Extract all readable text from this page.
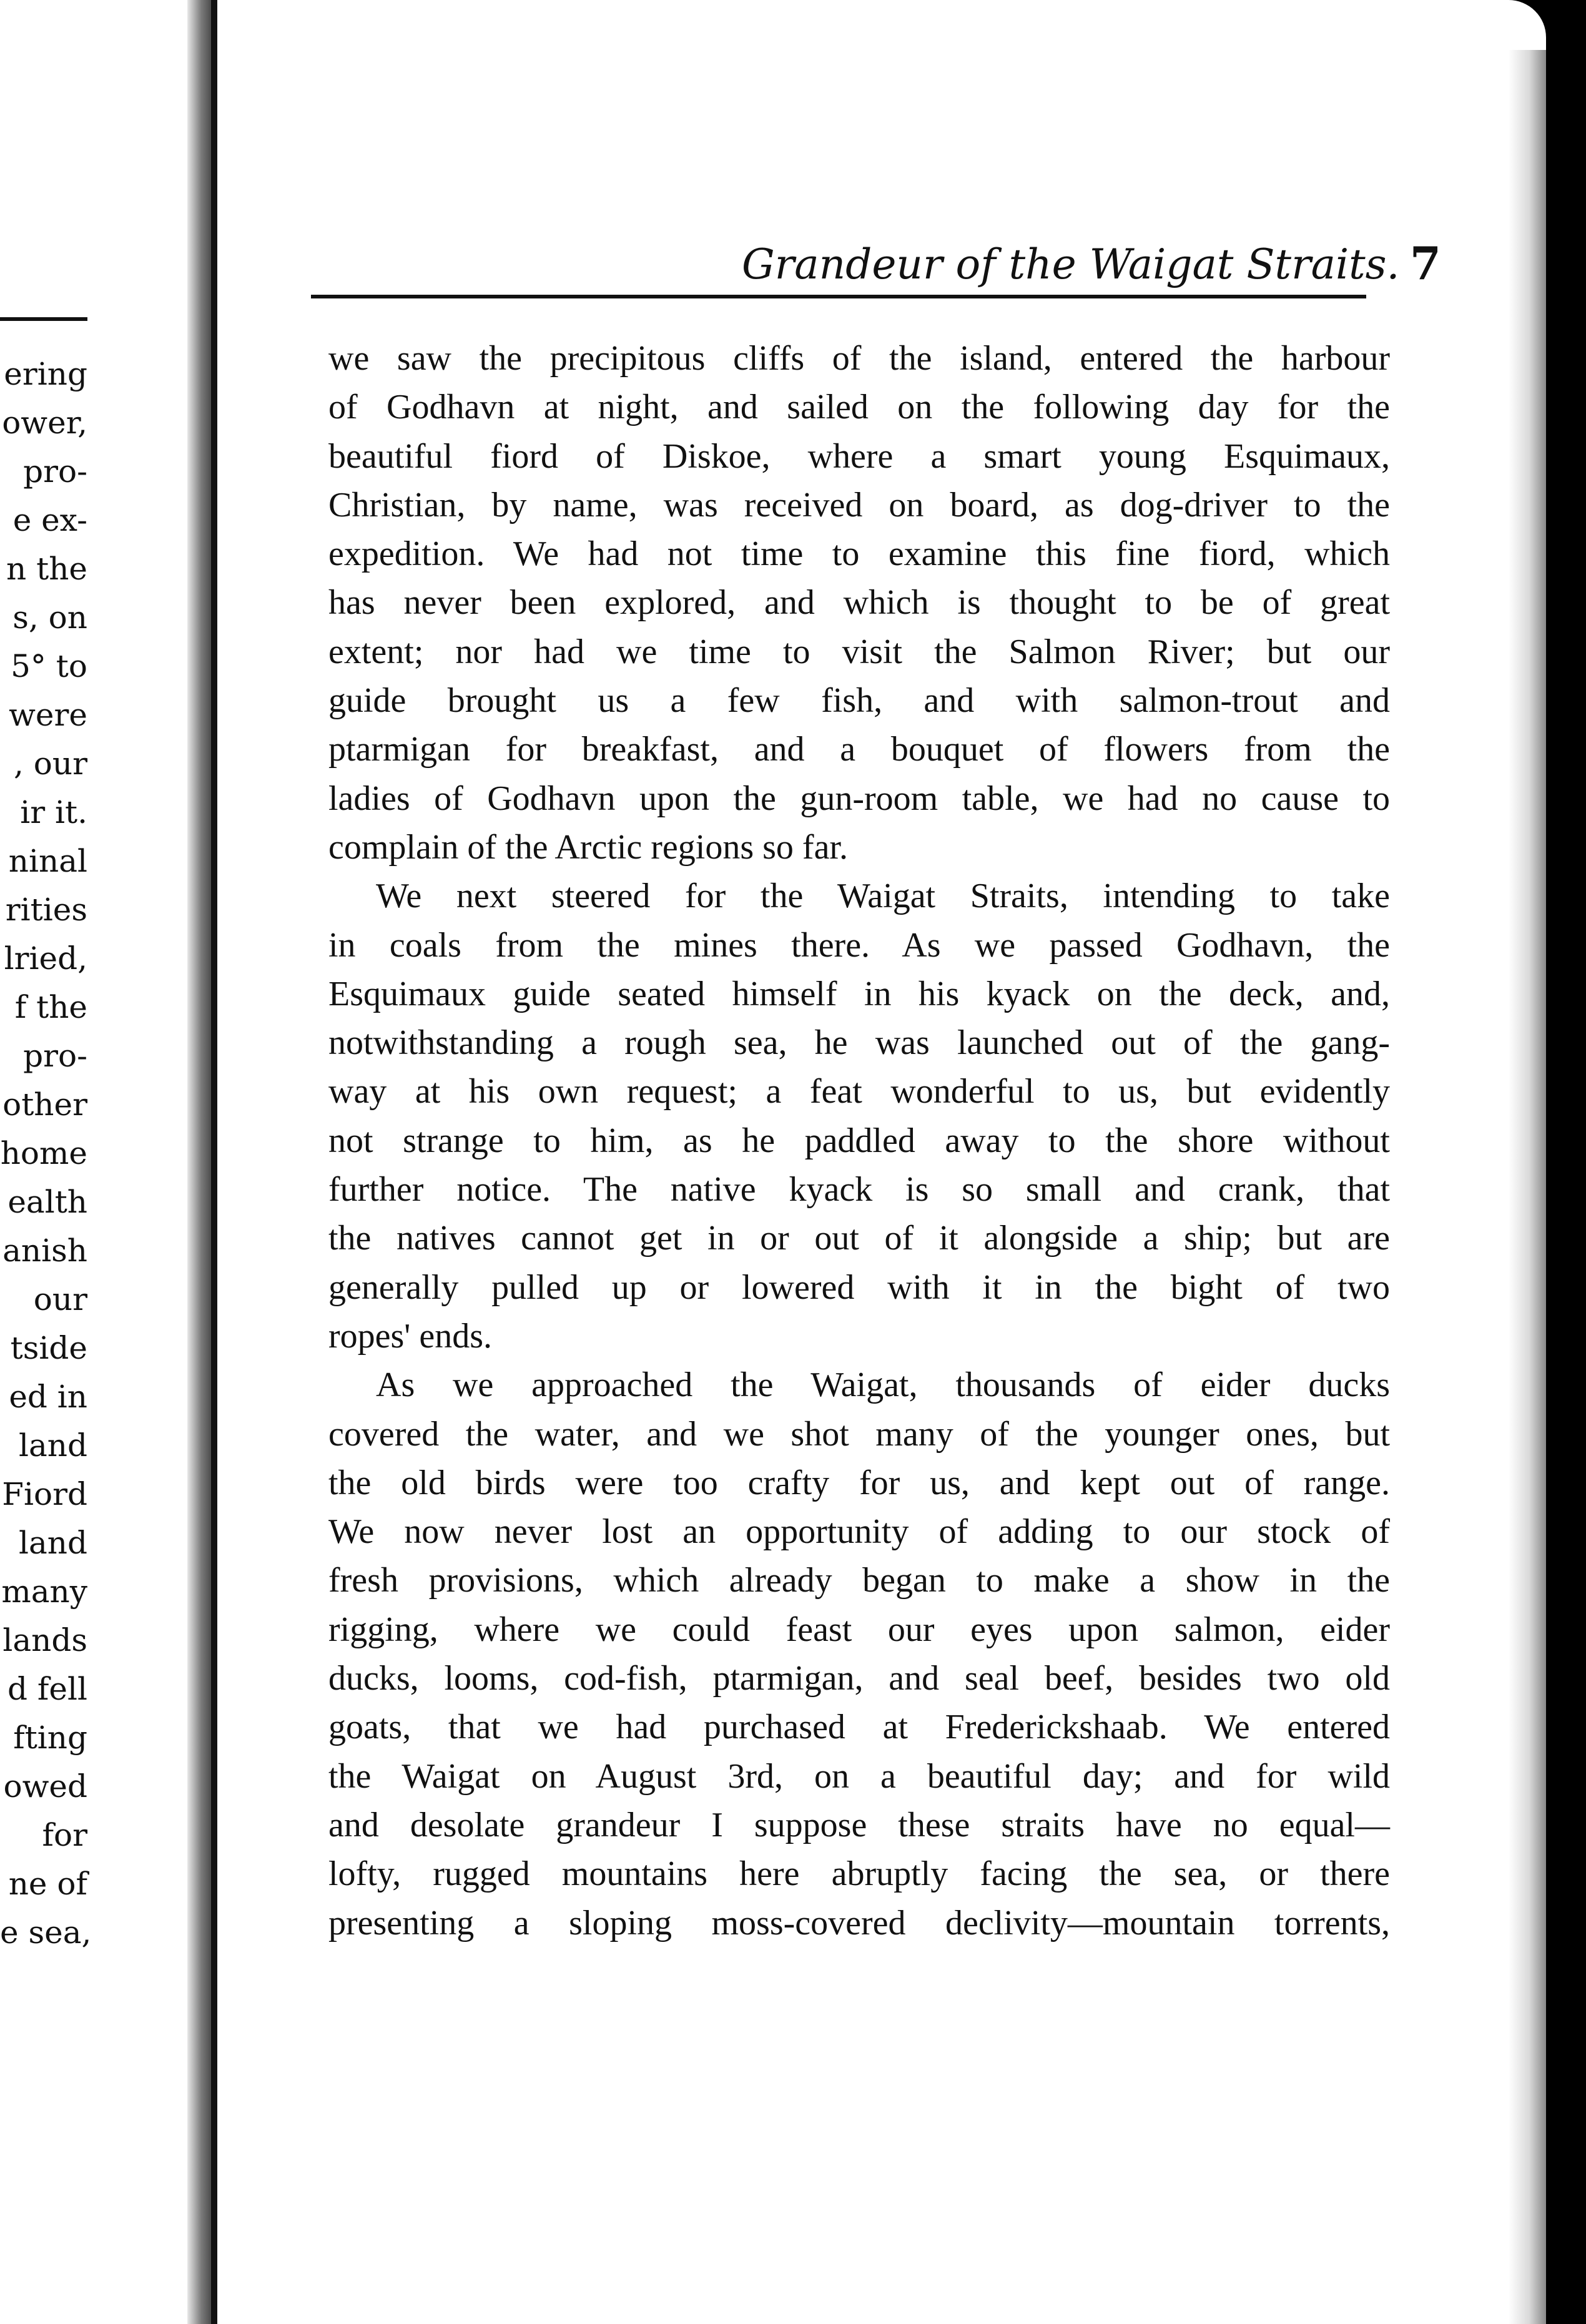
ering
ower,
pro-
e ex-
n the
s, on
5° to
were
, our
ir it.
ninal
rities
lried,
f the
pro-
other
home
ealth
anish
our
tside
ed in
land
Fiord
land
many
lands
d fell
fting
owed
for
ne of
e sea,
Grandeur of the Waigat Straits. 7
we saw the precipitous cliffs of the island, entered the harbour
of Godhavn at night, and sailed on the following day for the
beautiful fiord of Diskoe, where a smart young Esquimaux,
Christian, by name, was received on board, as dog-driver to the
expedition. We had not time to examine this fine fiord, which
has never been explored, and which is thought to be of great
extent; nor had we time to visit the Salmon River; but our
guide brought us a few fish, and with salmon-trout and
ptarmigan for breakfast, and a bouquet of flowers from the
ladies of Godhavn upon the gun-room table, we had no cause to
complain of the Arctic regions so far.
We next steered for the Waigat Straits, intending to take
in coals from the mines there. As we passed Godhavn, the
Esquimaux guide seated himself in his kyack on the deck, and,
notwithstanding a rough sea, he was launched out of the gang-
way at his own request; a feat wonderful to us, but evidently
not strange to him, as he paddled away to the shore without
further notice. The native kyack is so small and crank, that
the natives cannot get in or out of it alongside a ship; but are
generally pulled up or lowered with it in the bight of two
ropes' ends.
As we approached the Waigat, thousands of eider ducks
covered the water, and we shot many of the younger ones, but
the old birds were too crafty for us, and kept out of range.
We now never lost an opportunity of adding to our stock of
fresh provisions, which already began to make a show in the
rigging, where we could feast our eyes upon salmon, eider
ducks, looms, cod-fish, ptarmigan, and seal beef, besides two old
goats, that we had purchased at Frederickshaab. We entered
the Waigat on August 3rd, on a beautiful day; and for wild
and desolate grandeur I suppose these straits have no equal—
lofty, rugged mountains here abruptly facing the sea, or there
presenting a sloping moss-covered declivity—mountain torrents,
